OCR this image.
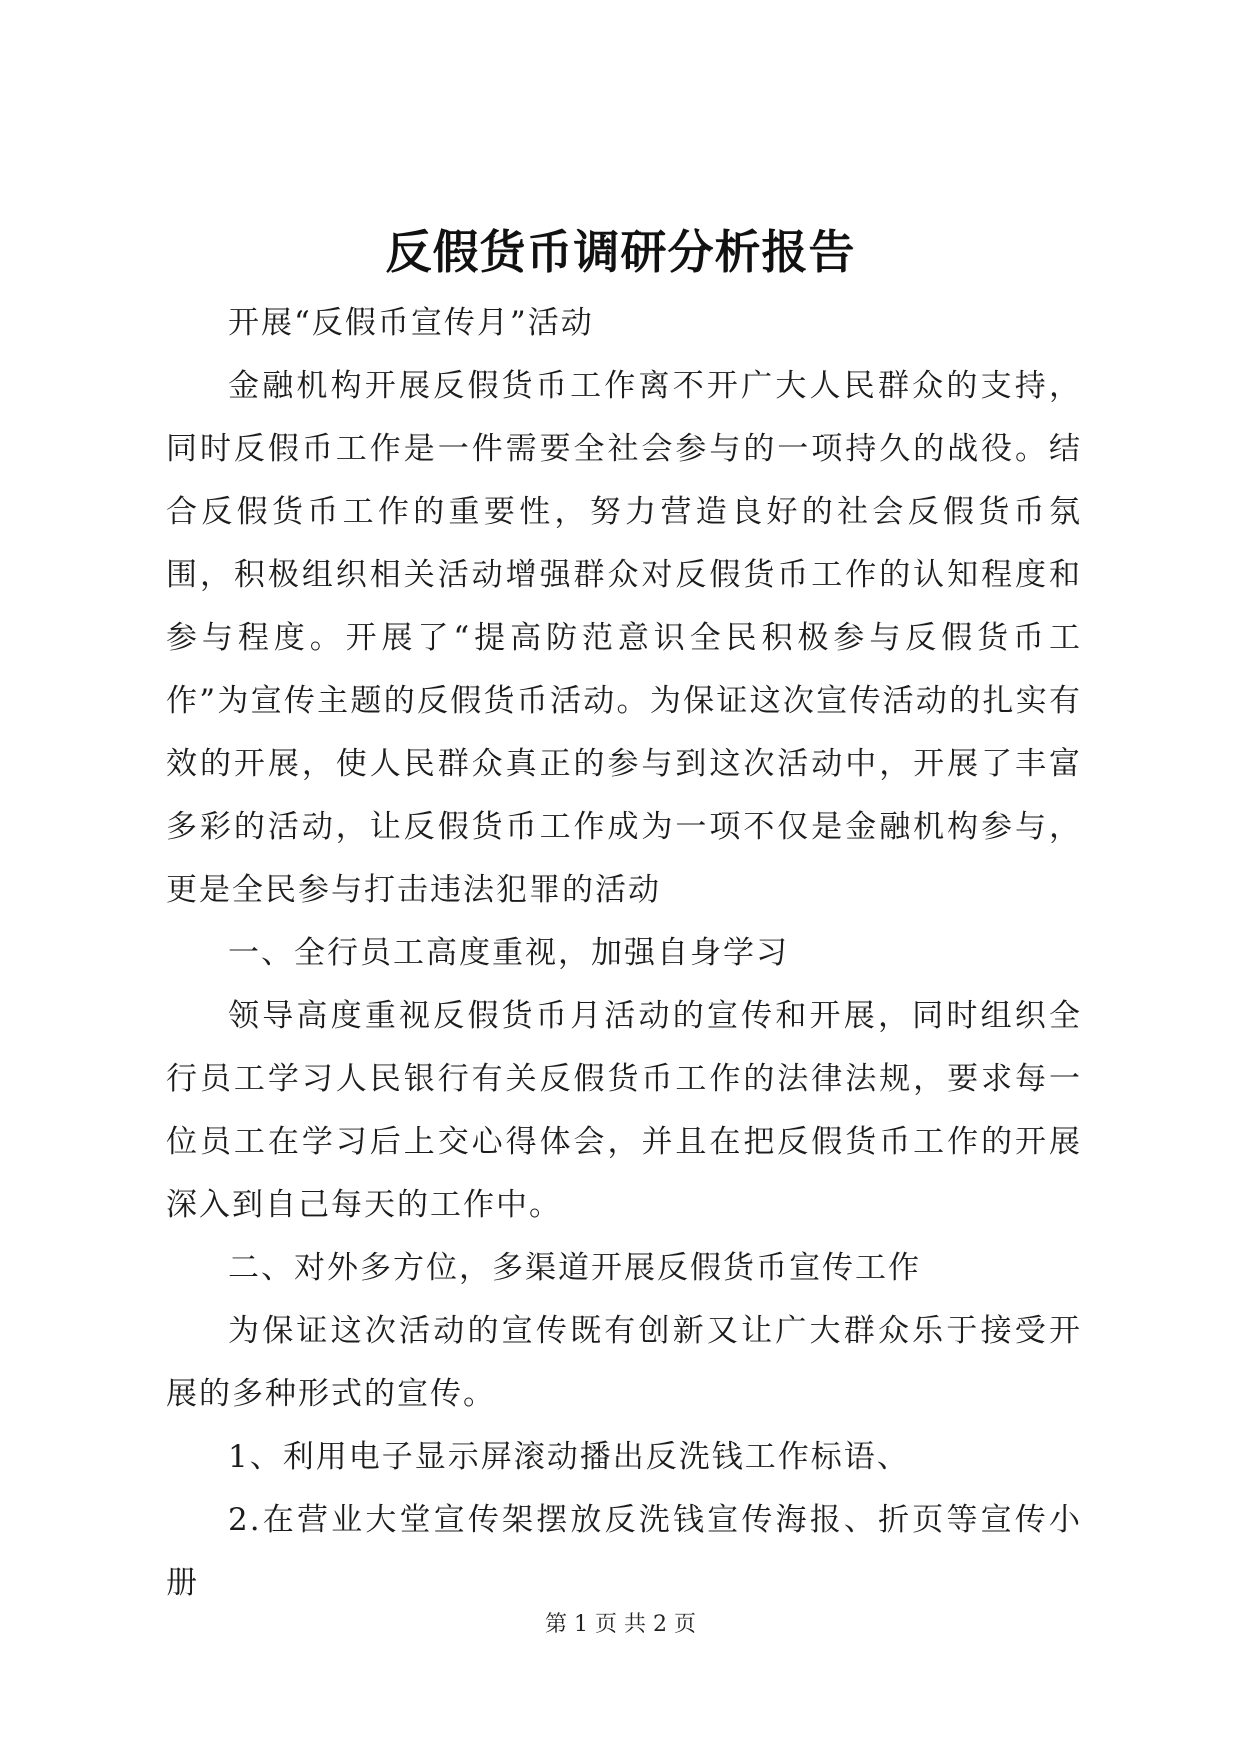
反假货币调研分析报告

开展“反假币宣传月”活动

金融机构开展反假货币工作离不开广大人民群众的支持，同时反假币工作是一件需要全社会参与的一项持久的战役。结合反假货币工作的重要性，努力营造良好的社会反假货币氛围，积极组织相关活动增强群众对反假货币工作的认知程度和参与程度。开展了“提高防范意识全民积极参与反假货币工作”为宣传主题的反假货币活动。为保证这次宣传活动的扎实有效的开展，使人民群众真正的参与到这次活动中，开展了丰富多彩的活动，让反假货币工作成为一项不仅是金融机构参与，更是全民参与打击违法犯罪的活动

一、全行员工高度重视，加强自身学习

领导高度重视反假货币月活动的宣传和开展，同时组织全行员工学习人民银行有关反假货币工作的法律法规，要求每一位员工在学习后上交心得体会，并且在把反假货币工作的开展深入到自己每天的工作中。

二、对外多方位，多渠道开展反假货币宣传工作

为保证这次活动的宣传既有创新又让广大群众乐于接受开展的多种形式的宣传。

1、利用电子显示屏滚动播出反洗钱工作标语、

2.在营业大堂宣传架摆放反洗钱宣传海报、折页等宣传小册

第 1 页 共 2 页
